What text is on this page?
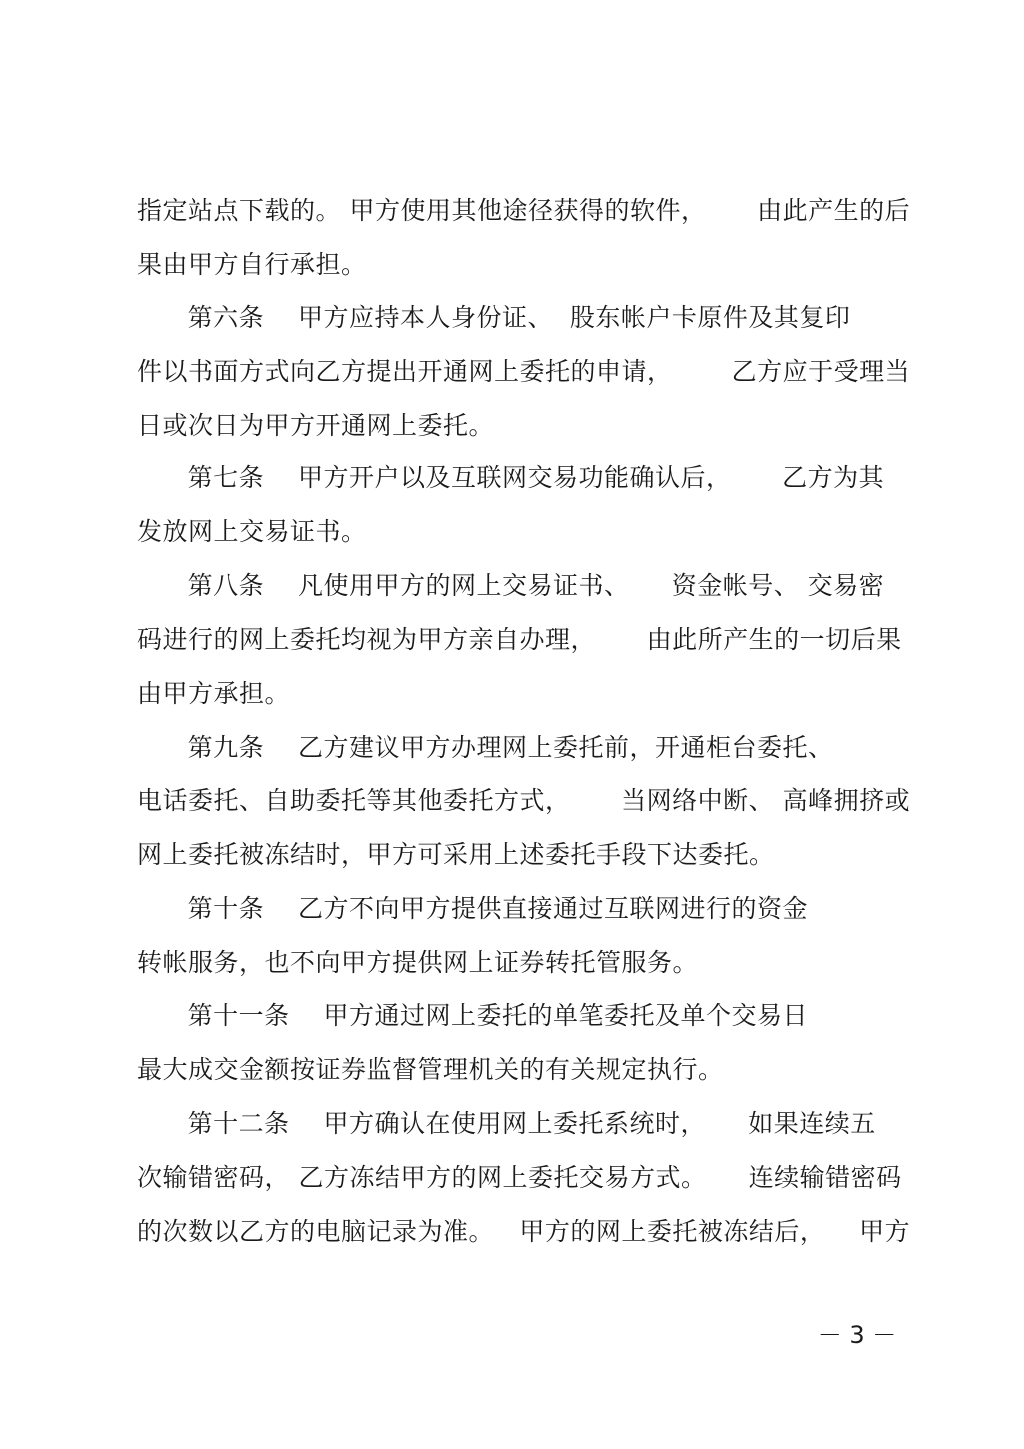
指定站点下载的。 甲方使用其他途径获得的软件，      由此产生的后
果由甲方自行承担。
第六条    甲方应持本人身份证、  股东帐户卡原件及其复印
件以书面方式向乙方提出开通网上委托的申请，       乙方应于受理当
日或次日为甲方开通网上委托。
第七条    甲方开户以及互联网交易功能确认后，      乙方为其
发放网上交易证书。
第八条    凡使用甲方的网上交易证书、     资金帐号、 交易密
码进行的网上委托均视为甲方亲自办理，      由此所产生的一切后果
由甲方承担。
第九条    乙方建议甲方办理网上委托前，开通柜台委托、
电话委托、自助委托等其他委托方式，      当网络中断、 高峰拥挤或
网上委托被冻结时，甲方可采用上述委托手段下达委托。
第十条    乙方不向甲方提供直接通过互联网进行的资金
转帐服务，也不向甲方提供网上证券转托管服务。
第十一条    甲方通过网上委托的单笔委托及单个交易日
最大成交金额按证券监督管理机关的有关规定执行。
第十二条    甲方确认在使用网上委托系统时，     如果连续五
次输错密码， 乙方冻结甲方的网上委托交易方式。     连续输错密码
的次数以乙方的电脑记录为准。   甲方的网上委托被冻结后，    甲方
－ 3 －
